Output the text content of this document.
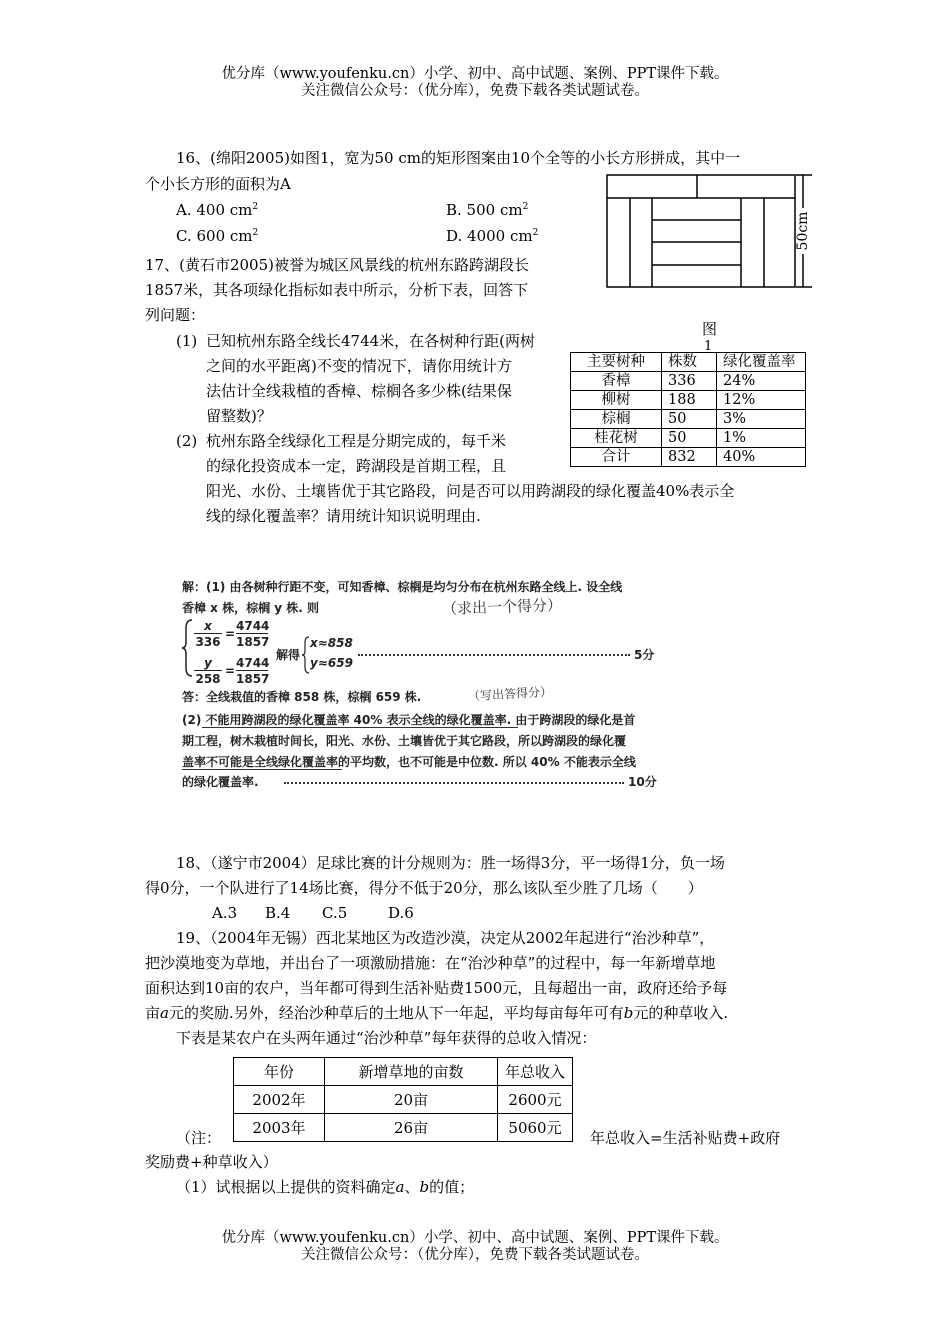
优分库（www.youfenku.cn）小学、初中、高中试题、案例、PPT课件下载。
关注微信公众号：（优分库），免费下载各类试题试卷。
16、(绵阳2005)如图1，宽为50 cm的矩形图案由10个全等的小长方形拼成，其中一
个小长方形的面积为A
A. 400 $cm^2$	B. 500 $cm^2$
C. 600 $cm^2$	D. 4000 $cm^2$	50cm
图
1
17、(黄石市2005)被誉为城区风景线的杭州东路跨湖段长
1857米，其各项绿化指标如表中所示，分析下表，回答下
列问题：
(1) 已知杭州东路全线长4744米，在各树种行距(两树
之间的水平距离)不变的情况下，请你用统计方
法估计全线栽植的香樟、棕榈各多少株(结果保
留整数)？
(2) 杭州东路全线绿化工程是分期完成的，每千米
的绿化投资成本一定，跨湖段是首期工程，且
阳光、水份、土壤皆优于其它路段，问是否可以用跨湖段的绿化覆盖40%表示全
线的绿化覆盖率？请用统计知识说明理由.
主要树种	株数	绿化覆盖率
香樟	336	24%
柳树	188	12%
棕榈	50	3%
桂花树	50	1%
合计	832	40%
解：(1) 由各树种行距不变，可知香樟、棕榈是均匀分布在杭州东路全线上. 设全线
香樟 x 株，棕榈 y 株. 则
x
336
=
4744
1857
y
258
=
4744
1857
解得
x≈858
y≈659
5分
答：全线栽值的香樟 858 株，棕榈 659 株.
(2) 不能用跨湖段的绿化覆盖率 40% 表示全线的绿化覆盖率. 由于跨湖段的绿化是首
期工程，树木栽植时间长，阳光、水份、土壤皆优于其它路段，所以跨湖段的绿化覆
盖率不可能是全线绿化覆盖率的平均数，也不可能是中位数. 所以 40% 不能表示全线
的绿化覆盖率.	10分
（求出一个得分）
（写出答得分）
18、（遂宁市2004）足球比赛的计分规则为：胜一场得3分，平一场得1分，负一场
得0分，一个队进行了14场比赛，得分不低于20分，那么该队至少胜了几场（　　）
A.3 B.4 C.5	D.6
19、（2004年无锡）西北某地区为改造沙漠，决定从2002年起进行“治沙种草”，
把沙漠地变为草地，并出台了一项激励措施：在“治沙种草”的过程中，每一年新增草地
面积达到10亩的农户，当年都可得到生活补贴费1500元，且每超出一亩，政府还给予每
亩a元的奖励.另外，经治沙种草后的土地从下一年起，平均每亩每年可有b元的种草收入.
下表是某农户在头两年通过“治沙种草”每年获得的总收入情况：
年份	新增草地的亩数	年总收入
2002年	20亩	2600元
2003年	26亩	5060元
（注：	年总收入=生活补贴费+政府
奖励费+种草收入）
（1）试根据以上提供的资料确定a、b的值；
优分库（www.youfenku.cn）小学、初中、高中试题、案例、PPT课件下载。
关注微信公众号：（优分库），免费下载各类试题试卷。
